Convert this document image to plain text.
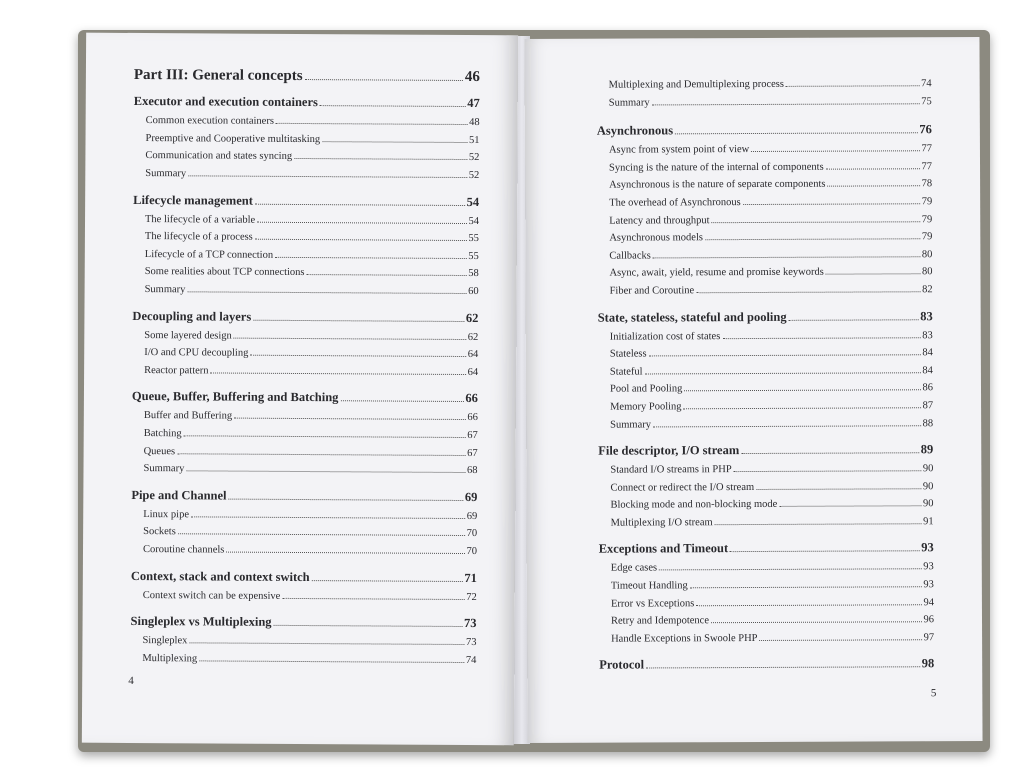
Part III: General concepts	46
Executor and execution containers	47
Common execution containers	48
Preemptive and Cooperative multitasking	51
Communication and states syncing	52
Summary	52
Lifecycle management	54
The lifecycle of a variable	54
The lifecycle of a process	55
Lifecycle of a TCP connection	55
Some realities about TCP connections	58
Summary	60
Decoupling and layers	62
Some layered design	62
I/O and CPU decoupling	64
Reactor pattern	64
Queue, Buffer, Buffering and Batching	66
Buffer and Buffering	66
Batching	67
Queues	67
Summary	68
Pipe and Channel	69
Linux pipe	69
Sockets	70
Coroutine channels	70
Context, stack and context switch	71
Context switch can be expensive	72
Singleplex vs Multiplexing	73
Singleplex	73
Multiplexing	74
4
Multiplexing and Demultiplexing process	74
Summary	75
Asynchronous	76
Async from system point of view	77
Syncing is the nature of the internal of components	77
Asynchronous is the nature of separate components	78
The overhead of Asynchronous	79
Latency and throughput	79
Asynchronous models	79
Callbacks	80
Async, await, yield, resume and promise keywords	80
Fiber and Coroutine	82
State, stateless, stateful and pooling	83
Initialization cost of states	83
Stateless	84
Stateful	84
Pool and Pooling	86
Memory Pooling	87
Summary	88
File descriptor, I/O stream	89
Standard I/O streams in PHP	90
Connect or redirect the I/O stream	90
Blocking mode and non-blocking mode	90
Multiplexing I/O stream	91
Exceptions and Timeout	93
Edge cases	93
Timeout Handling	93
Error vs Exceptions	94
Retry and Idempotence	96
Handle Exceptions in Swoole PHP	97
Protocol	98
5
